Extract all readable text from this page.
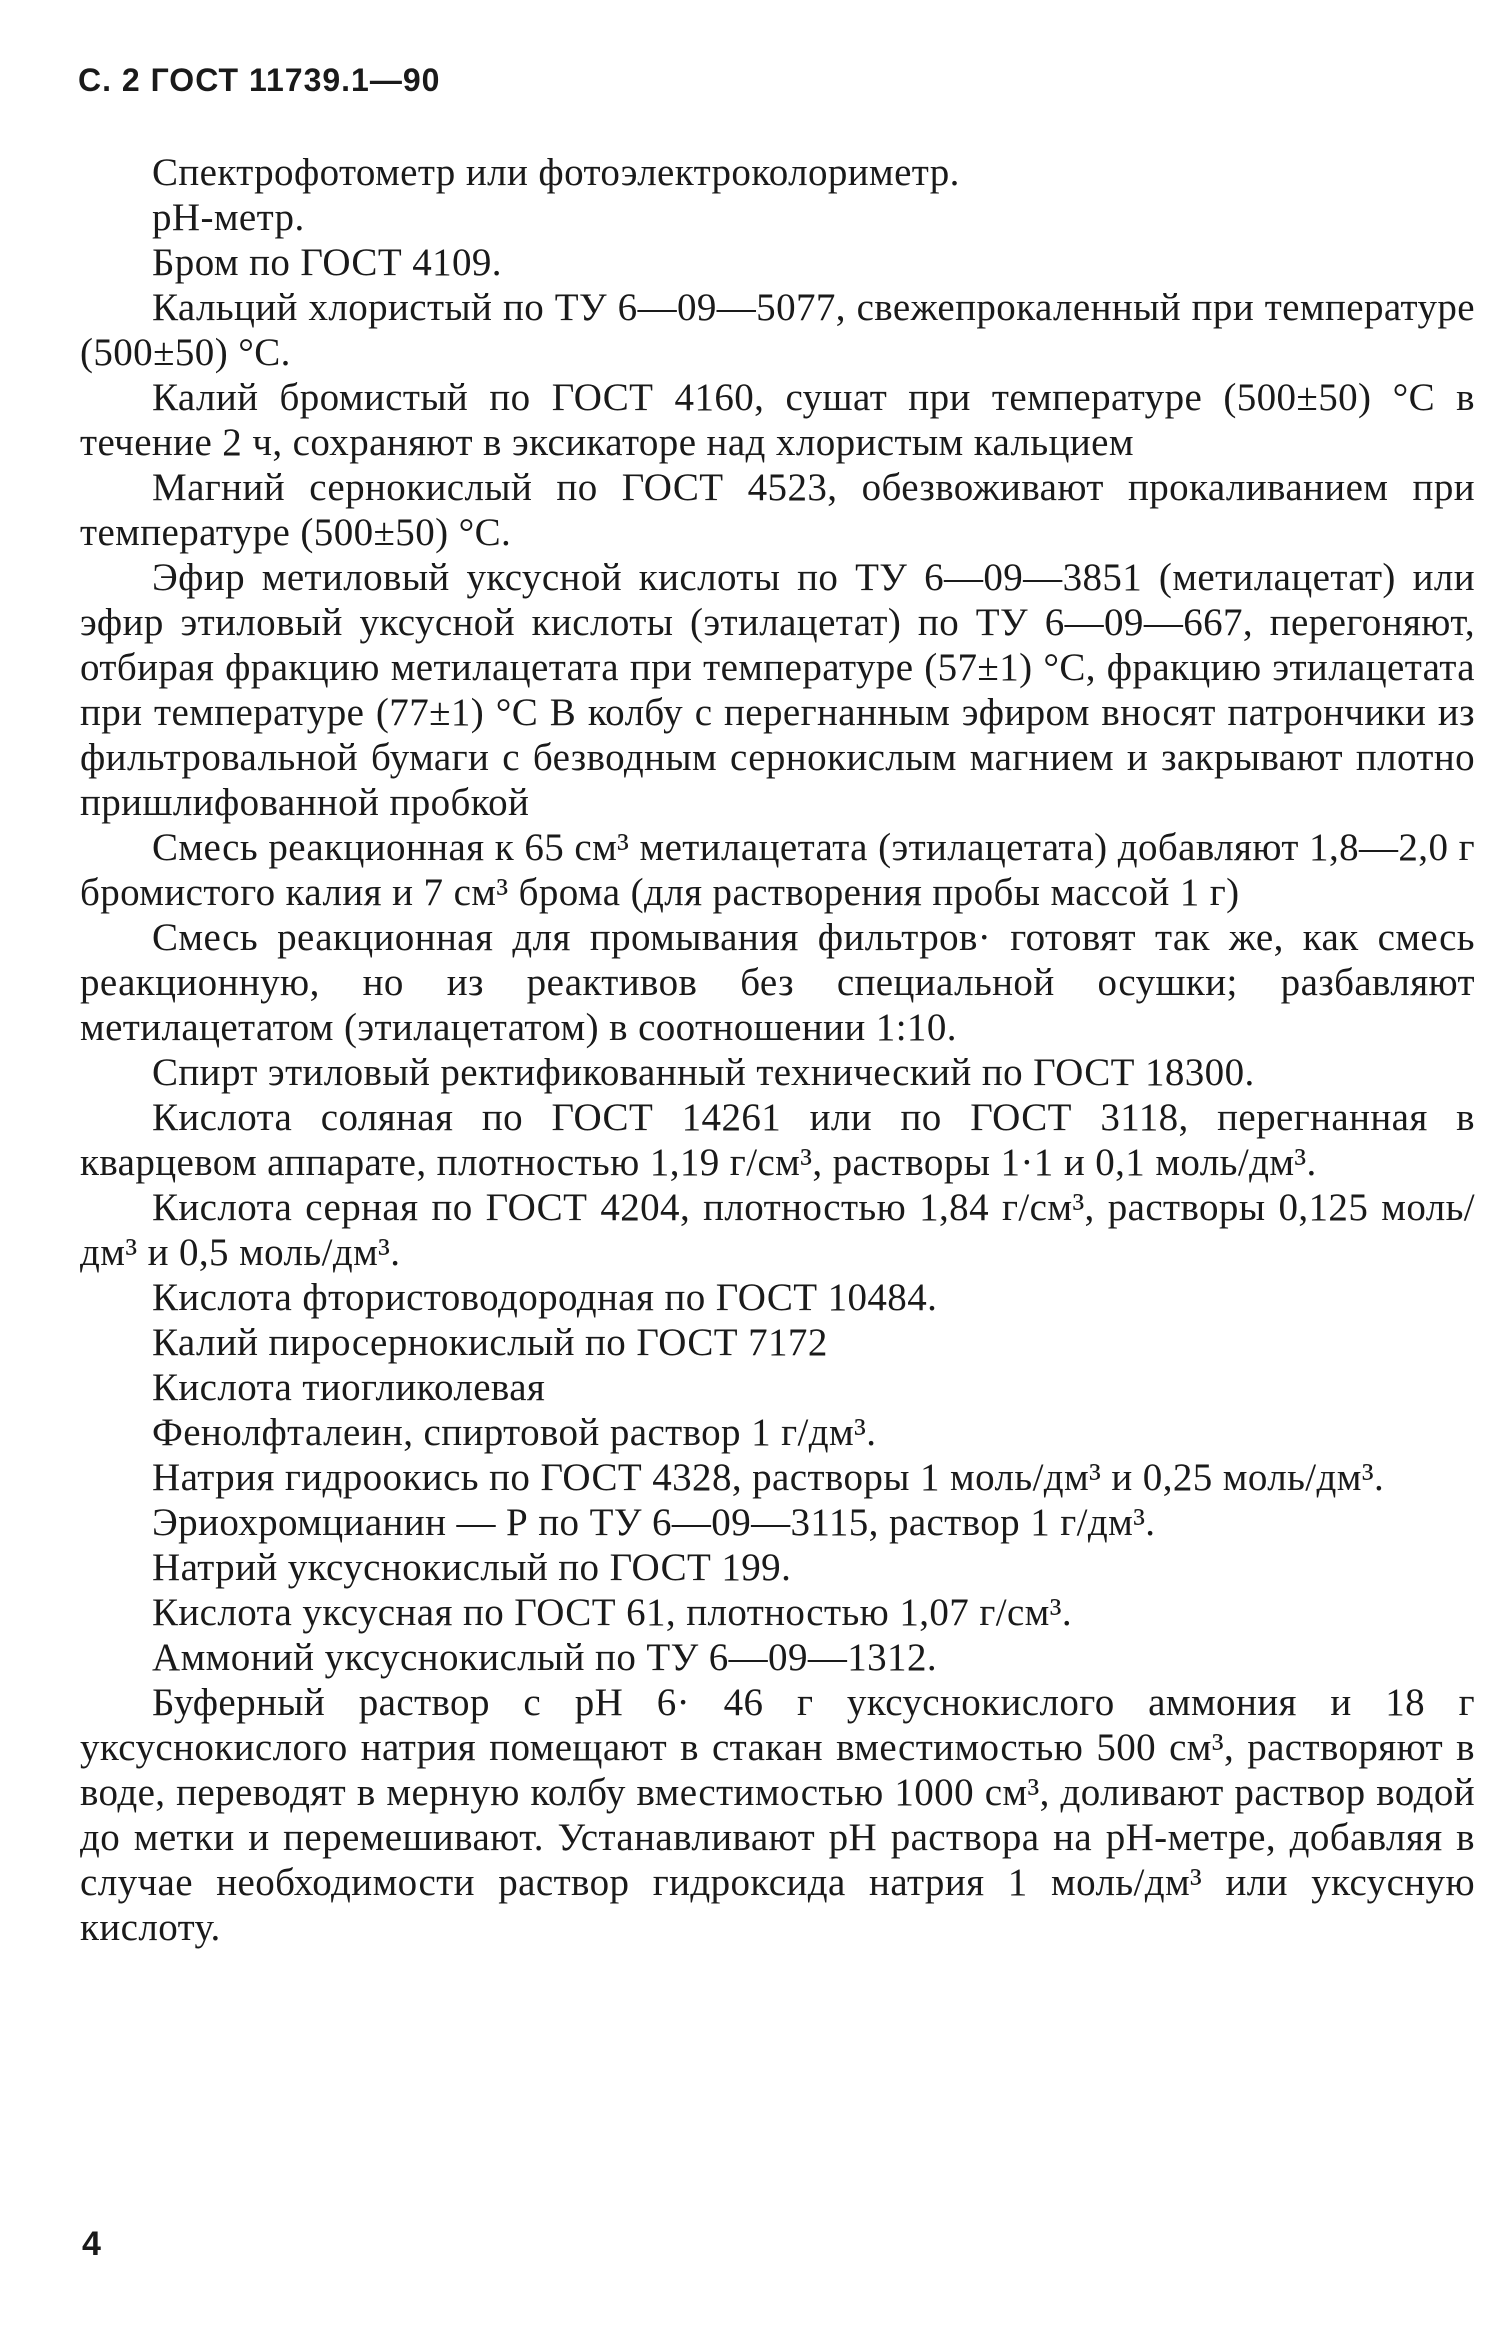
С. 2 ГОСТ 11739.1—90

Спектрофотометр или фотоэлектроколориметр.

рН-метр.

Бром по ГОСТ 4109.

Кальций хлористый по ТУ 6—09—5077, свежепрокаленный при температуре (500±50) °С.

Калий бромистый по ГОСТ 4160, сушат при температуре (500±50) °С в течение 2 ч, сохраняют в эксикаторе над хлористым кальцием

Магний сернокислый по ГОСТ 4523, обезвоживают прокаливанием при температуре (500±50) °С.

Эфир метиловый уксусной кислоты по ТУ 6—09—3851 (метилацетат) или эфир этиловый уксусной кислоты (этилацетат) по ТУ 6—09—667, перегоняют, отбирая фракцию метилацетата при температуре (57±1) °С, фракцию этилацетата при температуре (77±1) °С В колбу с перегнанным эфиром вносят патрончики из фильтровальной бумаги с безводным сернокислым магнием и закрывают плотно пришлифованной пробкой

Смесь реакционная к 65 см³ метилацетата (этилацетата) добавляют 1,8—2,0 г бромистого калия и 7 см³ брома (для растворения пробы массой 1 г)

Смесь реакционная для промывания фильтров· готовят так же, как смесь реакционную, но из реактивов без специальной осушки; разбавляют метилацетатом (этилацетатом) в соотношении 1:10.

Спирт этиловый ректификованный технический по ГОСТ 18300.

Кислота соляная по ГОСТ 14261 или по ГОСТ 3118, перегнанная в кварцевом аппарате, плотностью 1,19 г/см³, растворы 1·1 и 0,1 моль/дм³.

Кислота серная по ГОСТ 4204, плотностью 1,84 г/см³, растворы 0,125 моль/дм³ и 0,5 моль/дм³.

Кислота фтористоводородная по ГОСТ 10484.

Калий пиросернокислый по ГОСТ 7172

Кислота тиогликолевая

Фенолфталеин, спиртовой раствор 1 г/дм³.

Натрия гидроокись по ГОСТ 4328, растворы 1 моль/дм³ и 0,25 моль/дм³.

Эриохромцианин — Р по ТУ 6—09—3115, раствор 1 г/дм³.

Натрий уксуснокислый по ГОСТ 199.

Кислота уксусная по ГОСТ 61, плотностью 1,07 г/см³.

Аммоний уксуснокислый по ТУ 6—09—1312.

Буферный раствор с рН 6· 46 г уксуснокислого аммония и 18 г уксуснокислого натрия помещают в стакан вместимостью 500 см³, растворяют в воде, переводят в мерную колбу вместимостью 1000 см³, доливают раствор водой до метки и перемешивают. Устанавливают рН раствора на рН-метре, добавляя в случае необходимости раствор гидроксида натрия 1 моль/дм³ или уксусную кислоту.

4
